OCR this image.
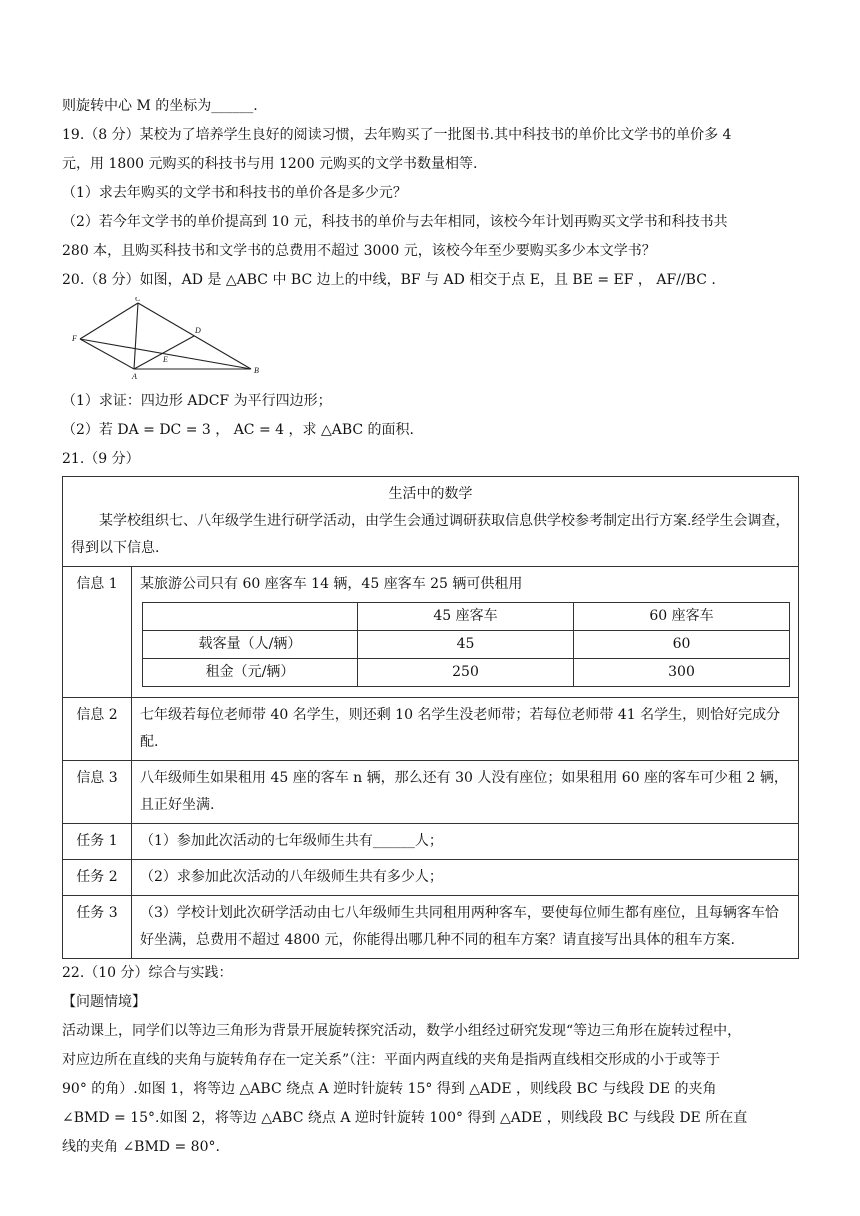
则旋转中心 M 的坐标为______.
19.（8 分）某校为了培养学生良好的阅读习惯，去年购买了一批图书.其中科技书的单价比文学书的单价多 4
元，用 1800 元购买的科技书与用 1200 元购买的文学书数量相等.
（1）求去年购买的文学书和科技书的单价各是多少元？
（2）若今年文学书的单价提高到 10 元，科技书的单价与去年相同，该校今年计划再购买文学书和科技书共
280 本，且购买科技书和文学书的总费用不超过 3000 元，该校今年至少要购买多少本文学书？
20.（8 分）如图，AD 是 △ABC 中 BC 边上的中线，BF 与 AD 相交于点 E，且 BE = EF ， AF//BC .
C
D
F
E
A
B
（1）求证：四边形 ADCF 为平行四边形；
（2）若 DA = DC = 3 ， AC = 4 ，求 △ABC 的面积.
21.（9 分）
生活中的数学
某学校组织七、八年级学生进行研学活动，由学生会通过调研获取信息供学校参考制定出行方案.经学生会调查，得到以下信息.

信息 1	某旅游公司只有 60 座客车 14 辆，45 座客车 25 辆可供租用
	45 座客车	60 座客车
载客量（人/辆）	45	60
租金（元/辆）	250	300

信息 2	七年级若每位老师带 40 名学生，则还剩 10 名学生没老师带；若每位老师带 41 名学生，则恰好完成分配.
信息 3	八年级师生如果租用 45 座的客车 n 辆，那么还有 30 人没有座位；如果租用 60 座的客车可少租 2 辆，且正好坐满.
任务 1	（1）参加此次活动的七年级师生共有______人；
任务 2	（2）求参加此次活动的八年级师生共有多少人；
任务 3	（3）学校计划此次研学活动由七八年级师生共同租用两种客车，要使每位师生都有座位，且每辆客车恰好坐满，总费用不超过 4800 元，你能得出哪几种不同的租车方案？请直接写出具体的租车方案.
22.（10 分）综合与实践：
【问题情境】
活动课上，同学们以等边三角形为背景开展旋转探究活动，数学小组经过研究发现“等边三角形在旋转过程中，
对应边所在直线的夹角与旋转角存在一定关系”（注：平面内两直线的夹角是指两直线相交形成的小于或等于
90° 的角）.如图 1，将等边 △ABC 绕点 A 逆时针旋转 15° 得到 △ADE ，则线段 BC 与线段 DE 的夹角
∠BMD = 15°.如图 2，将等边 △ABC 绕点 A 逆时针旋转 100° 得到 △ADE ，则线段 BC 与线段 DE 所在直
线的夹角 ∠BMD = 80°.
